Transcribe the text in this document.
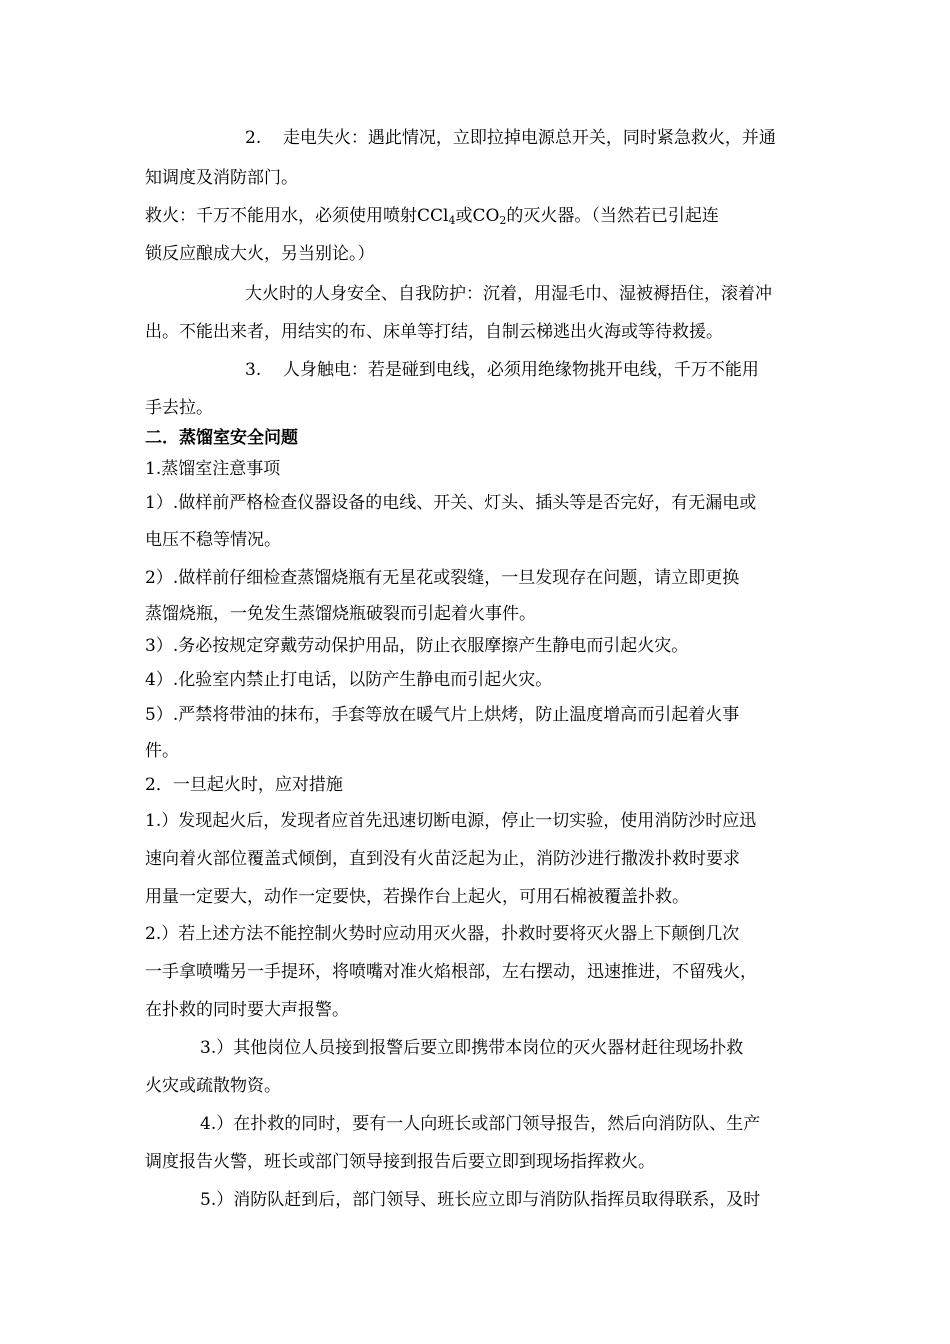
2. 走电失火：遇此情况，立即拉掉电源总开关，同时紧急救火，并通
知调度及消防部门。
救火：千万不能用水，必须使用喷射CCl$_4$或$CO_2$的灭火器。（当然若已引起连
锁反应酿成大火，另当别论。）
大火时的人身安全、自我防护：沉着，用湿毛巾、湿被褥捂住，滚着冲
出。不能出来者，用结实的布、床单等打结，自制云梯逃出火海或等待救援。
3. 人身触电：若是碰到电线，必须用绝缘物挑开电线，千万不能用
手去拉。
二．蒸馏室安全问题
1.蒸馏室注意事项
1）.做样前严格检查仪器设备的电线、开关、灯头、插头等是否完好，有无漏电或
电压不稳等情况。
2）.做样前仔细检查蒸馏烧瓶有无星花或裂缝，一旦发现存在问题，请立即更换
蒸馏烧瓶，一免发生蒸馏烧瓶破裂而引起着火事件。
3）.务必按规定穿戴劳动保护用品，防止衣服摩擦产生静电而引起火灾。
4）.化验室内禁止打电话，以防产生静电而引起火灾。
5）.严禁将带油的抹布，手套等放在暖气片上烘烤，防止温度增高而引起着火事
件。
2．一旦起火时，应对措施
1.）发现起火后，发现者应首先迅速切断电源，停止一切实验，使用消防沙时应迅
速向着火部位覆盖式倾倒，直到没有火苗泛起为止，消防沙进行撒泼扑救时要求
用量一定要大，动作一定要快，若操作台上起火，可用石棉被覆盖扑救。
2.）若上述方法不能控制火势时应动用灭火器，扑救时要将灭火器上下颠倒几次
一手拿喷嘴另一手提环，将喷嘴对准火焰根部，左右摆动，迅速推进，不留残火，
在扑救的同时要大声报警。
3.）其他岗位人员接到报警后要立即携带本岗位的灭火器材赶往现场扑救
火灾或疏散物资。
4.）在扑救的同时，要有一人向班长或部门领导报告，然后向消防队、生产
调度报告火警，班长或部门领导接到报告后要立即到现场指挥救火。
5.）消防队赶到后，部门领导、班长应立即与消防队指挥员取得联系，及时
